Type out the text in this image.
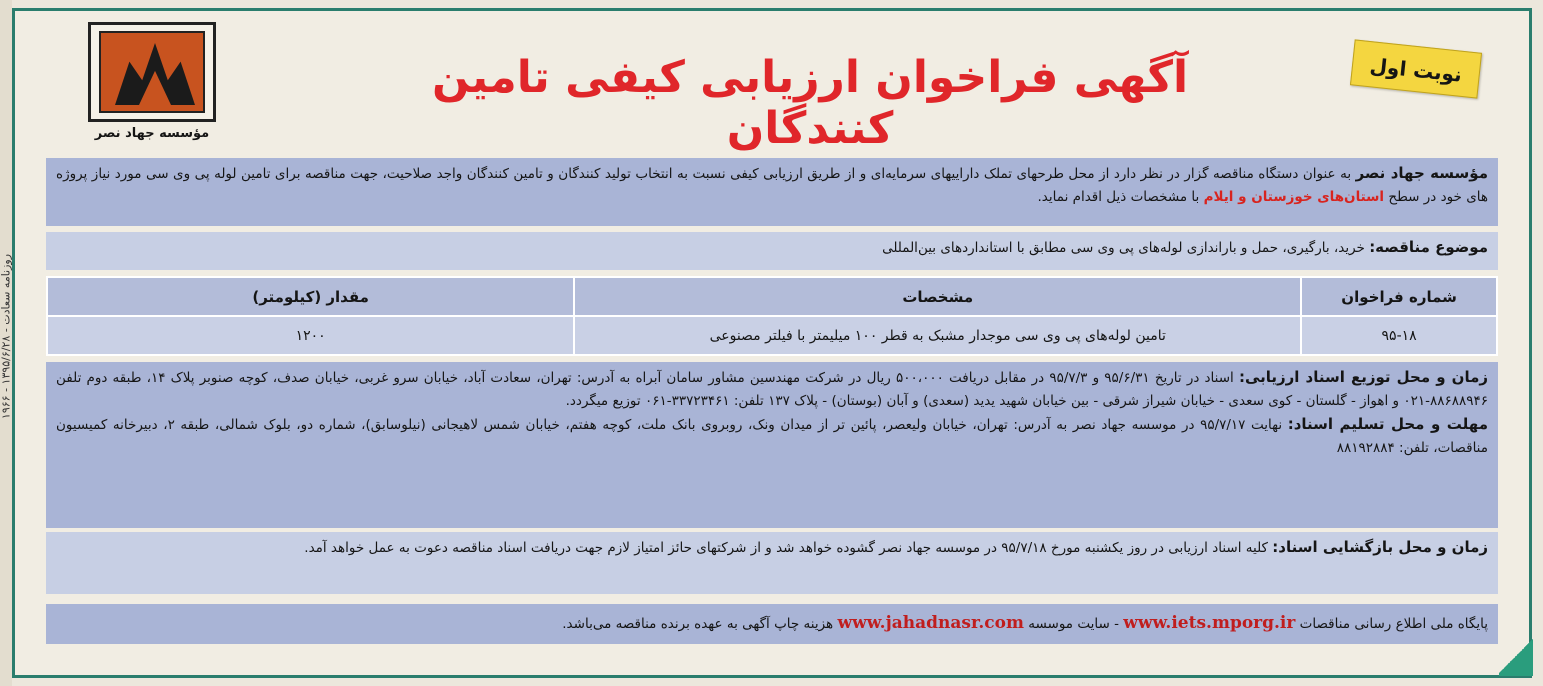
روزنامه سعادت - ۱۳۹۵/۶/۲۸ - ۱۹۶۶
مؤسسه جهاد نصر
آگهی فراخوان ارزیابی کیفی تامین کنندگان
نوبت اول
مؤسسه جهاد نصر به عنوان دستگاه مناقصه گزار در نظر دارد از محل طرحهای تملک داراییهای سرمایه‌ای و از طریق ارزیابی کیفی نسبت به انتخاب تولید کنندگان و تامین کنندگان واجد صلاحیت، جهت مناقصه برای تامین لوله پی وی سی مورد نیاز پروژه های خود در سطح استان‌های خوزستان و ایلام با مشخصات ذیل اقدام نماید.
موضوع مناقصه: خرید، بارگیری، حمل و باراندازی لوله‌های پی وی سی مطابق با استانداردهای بین‌المللی
شماره فراخوان	مشخصات	مقدار (کیلومتر)
۹۵-۱۸	تامین لوله‌های پی وی سی موجدار مشبک به قطر ۱۰۰ میلیمتر با فیلتر مصنوعی	۱۲۰۰
زمان و محل توزیع اسناد ارزیابی: اسناد در تاریخ ۹۵/۶/۳۱ و ۹۵/۷/۳ در مقابل دریافت ۵۰۰،۰۰۰ ریال در شرکت مهندسین مشاور سامان آبراه به آدرس: تهران، سعادت آباد، خیابان سرو غربی، خیابان صدف، کوچه صنوبر پلاک ۱۴، طبقه دوم تلفن ۸۸۶۸۸۹۴۶-۰۲۱ و اهواز - گلستان - کوی سعدی - خیابان شیراز شرقی - بین خیابان شهید یدید (سعدی) و آبان (بوستان) - پلاک ۱۳۷ تلفن: ۳۳۷۲۳۴۶۱-۰۶۱ توزیع میگردد.
مهلت و محل تسلیم اسناد: نهایت ۹۵/۷/۱۷ در موسسه جهاد نصر به آدرس: تهران، خیابان ولیعصر، پائین تر از میدان ونک، روبروی بانک ملت، کوچه هفتم، خیابان شمس لاهیجانی (نیلوسابق)، شماره دو، بلوک شمالی، طبقه ۲، دبیرخانه کمیسیون مناقصات، تلفن: ۸۸۱۹۲۸۸۴
زمان و محل بازگشایی اسناد: کلیه اسناد ارزیابی در روز یکشنبه مورخ ۹۵/۷/۱۸ در موسسه جهاد نصر گشوده خواهد شد و از شرکتهای حائز امتیاز لازم جهت دریافت اسناد مناقصه دعوت به عمل خواهد آمد.
پایگاه ملی اطلاع رسانی مناقصات www.iets.mporg.ir - سایت موسسه www.jahadnasr.com هزینه چاپ آگهی به عهده برنده مناقصه می‌باشد.
